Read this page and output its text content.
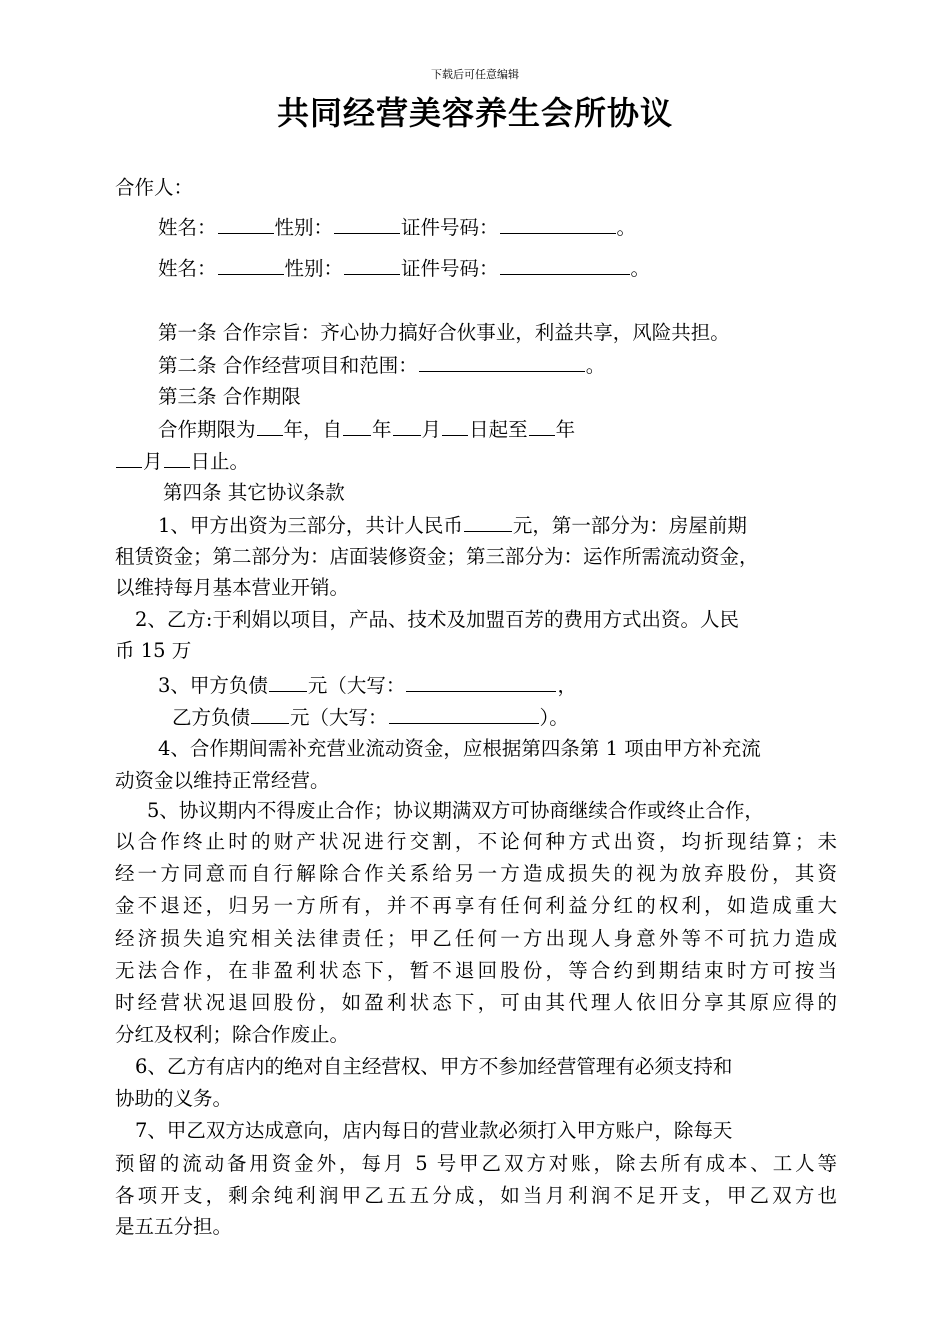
下载后可任意编辑
共同经营美容养生会所协议
合作人：
姓名：	性别：	证件号码：	。
姓名：	性别：	证件号码：	。
第一条 合作宗旨：齐心协力搞好合伙事业，利益共享，风险共担。
第二条 合作经营项目和范围：	。
第三条 合作期限
合作期限为 年，自 年 月 日起至 年
月 日止。
第四条 其它协议条款
1、甲方出资为三部分，共计人民币	元，第一部分为：房屋前期
租赁资金；第二部分为：店面装修资金；第三部分为：运作所需流动资金，
以维持每月基本营业开销。
2、乙方:于利娟以项目，产品、技术及加盟百芳的费用方式出资。人民
币 15 万
3、甲方负债 元（大写：	，
乙方负债 元（大写：	）。
4、合作期间需补充营业流动资金，应根据第四条第 1 项由甲方补充流
动资金以维持正常经营。
5、协议期内不得废止合作；协议期满双方可协商继续合作或终止合作，
以合作终止时的财产状况进行交割，不论何种方式出资，均折现结算；未
经一方同意而自行解除合作关系给另一方造成损失的视为放弃股份，其资
金不退还，归另一方所有，并不再享有任何利益分红的权利，如造成重大
经济损失追究相关法律责任；甲乙任何一方出现人身意外等不可抗力造成
无法合作，在非盈利状态下，暂不退回股份，等合约到期结束时方可按当
时经营状况退回股份，如盈利状态下，可由其代理人依旧分享其原应得的
分红及权利；除合作废止。
6、乙方有店内的绝对自主经营权、甲方不参加经营管理有必须支持和
协助的义务。
7、甲乙双方达成意向，店内每日的营业款必须打入甲方账户，除每天
预留的流动备用资金外，每月 5 号甲乙双方对账，除去所有成本、工人等
各项开支，剩余纯利润甲乙五五分成，如当月利润不足开支，甲乙双方也
是五五分担。
